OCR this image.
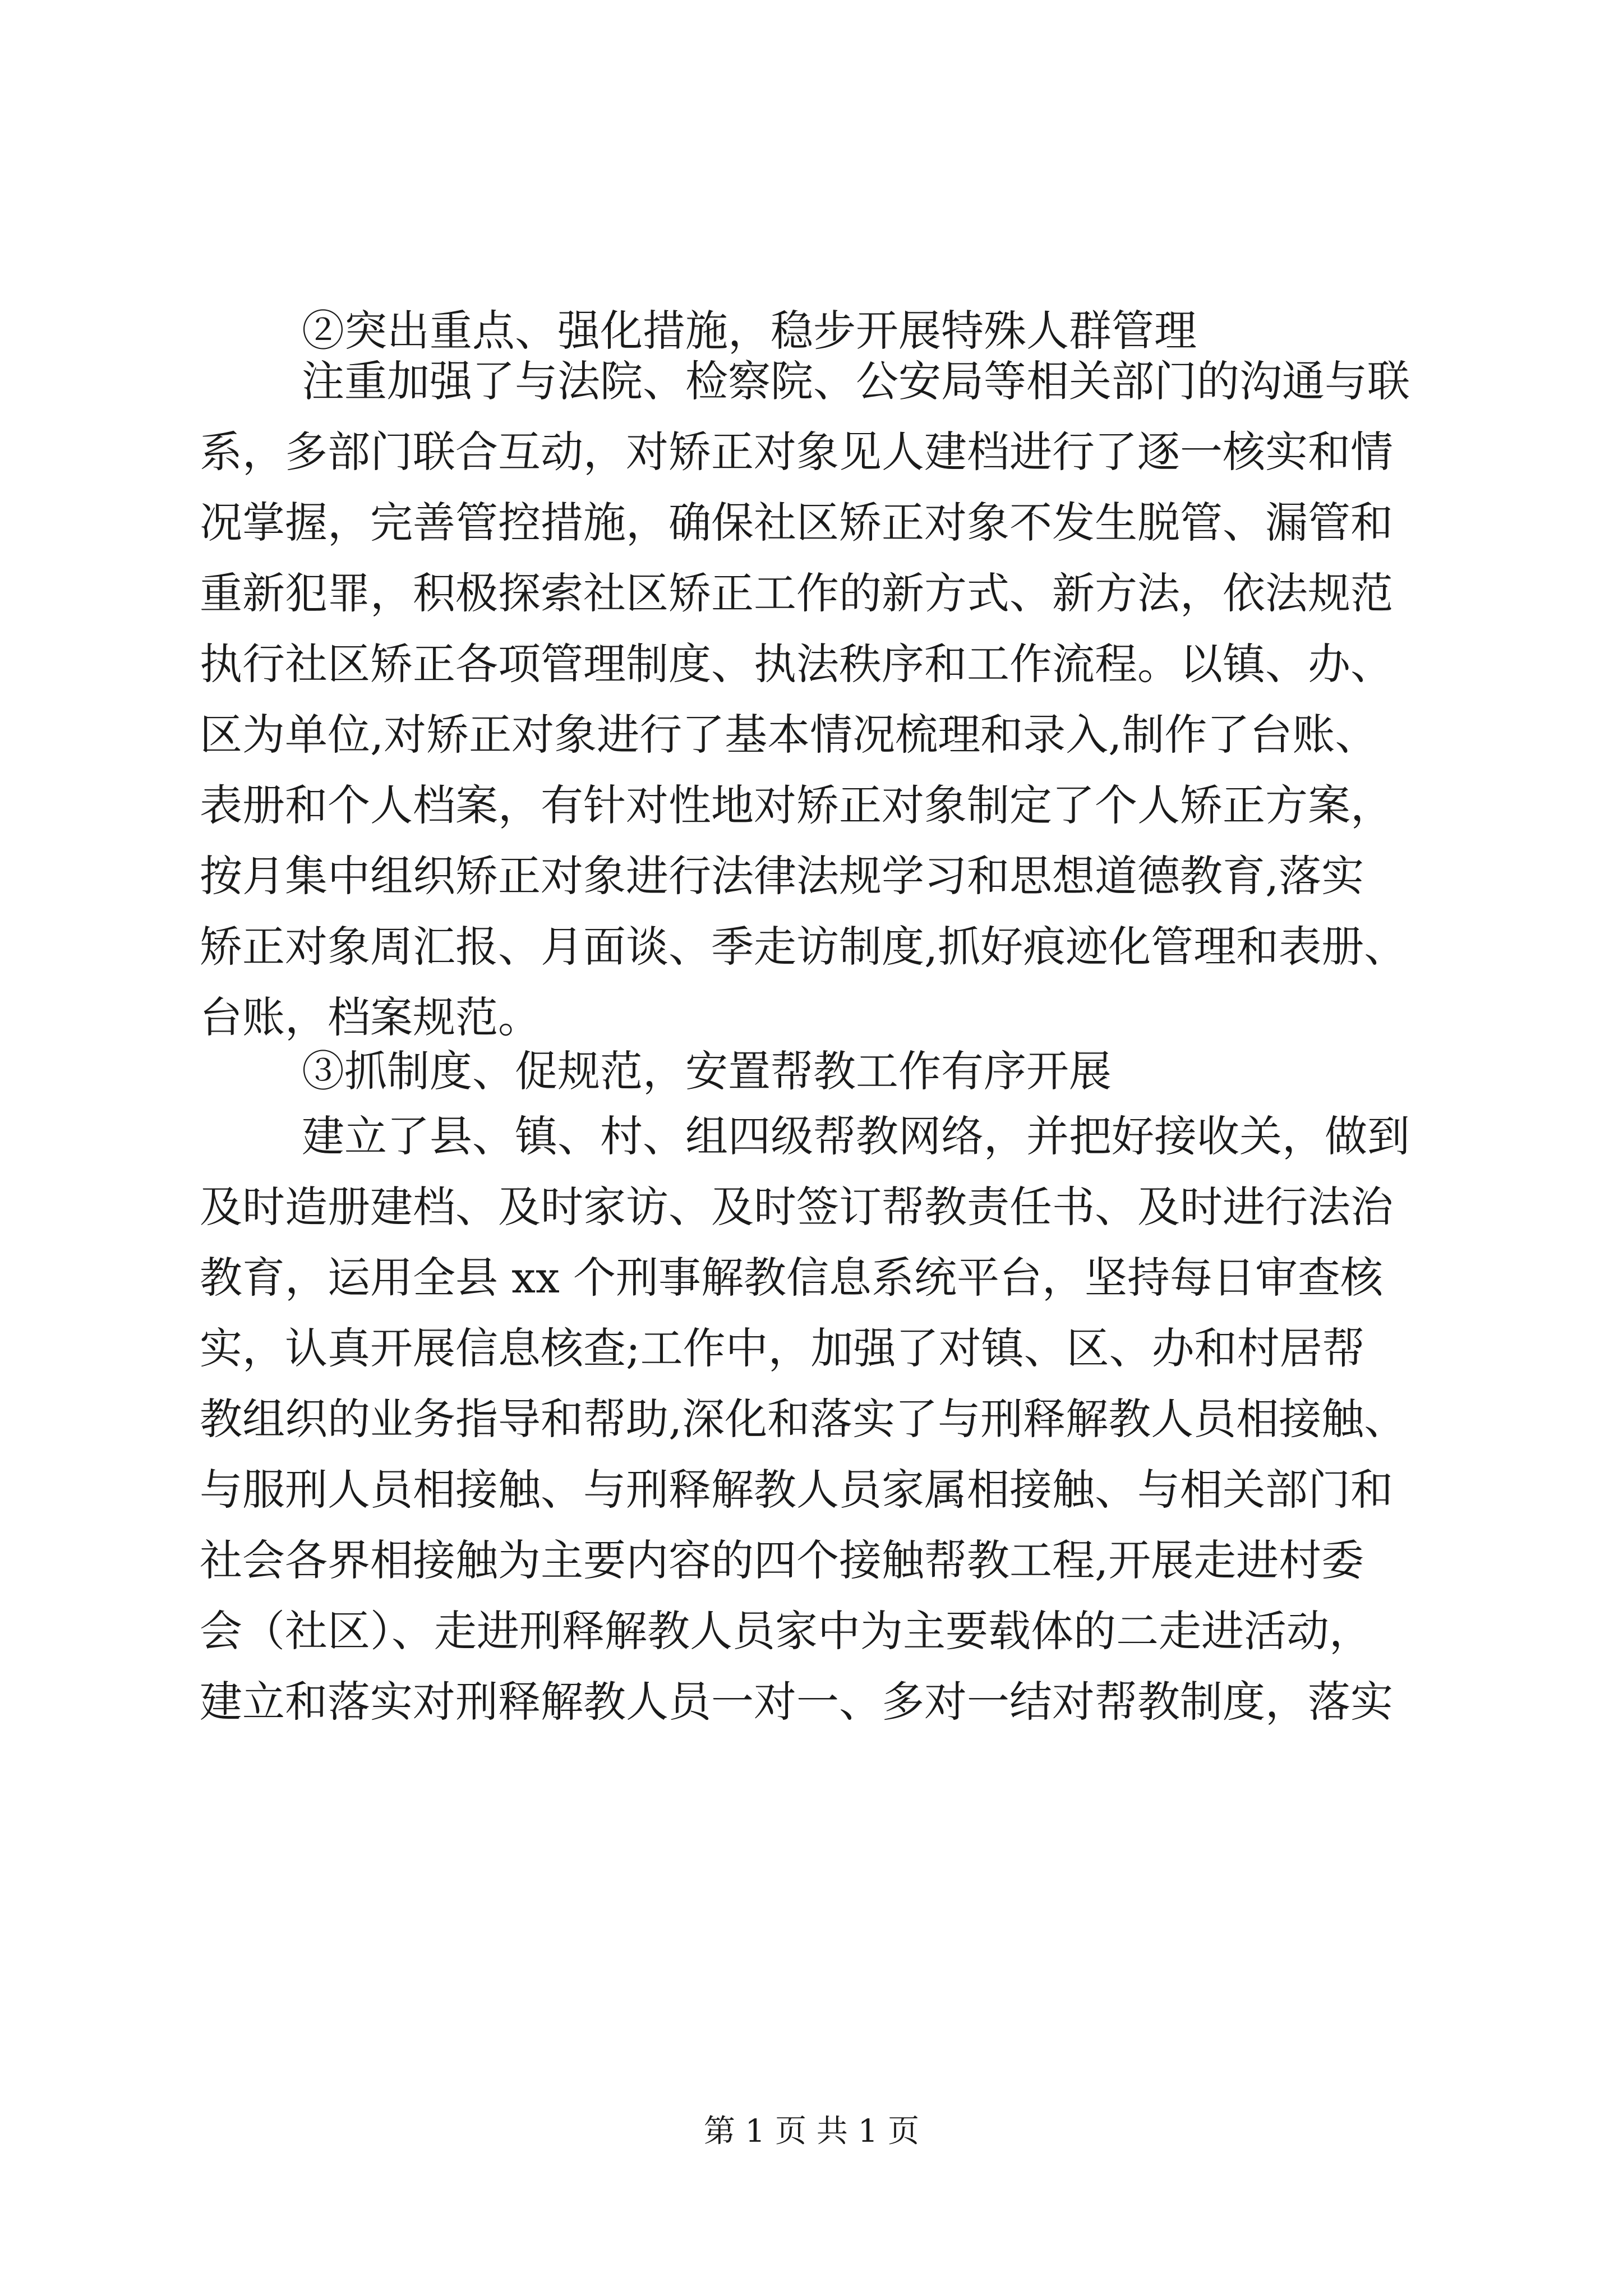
②突出重点、强化措施，稳步开展特殊人群管理
注重加强了与法院、检察院、公安局等相关部门的沟通与联
系，多部门联合互动，对矫正对象见人建档进行了逐一核实和情
况掌握，完善管控措施，确保社区矫正对象不发生脱管、漏管和
重新犯罪，积极探索社区矫正工作的新方式、新方法，依法规范
执行社区矫正各项管理制度、执法秩序和工作流程。以镇、办、
区为单位,对矫正对象进行了基本情况梳理和录入,制作了台账、
表册和个人档案，有针对性地对矫正对象制定了个人矫正方案，
按月集中组织矫正对象进行法律法规学习和思想道德教育,落实
矫正对象周汇报、月面谈、季走访制度,抓好痕迹化管理和表册、
台账，档案规范。
③抓制度、促规范，安置帮教工作有序开展
建立了县、镇、村、组四级帮教网络，并把好接收关，做到
及时造册建档、及时家访、及时签订帮教责任书、及时进行法治
教育，运用全县 xx 个刑事解教信息系统平台，坚持每日审查核
实，认真开展信息核查;工作中，加强了对镇、区、办和村居帮
教组织的业务指导和帮助,深化和落实了与刑释解教人员相接触、
与服刑人员相接触、与刑释解教人员家属相接触、与相关部门和
社会各界相接触为主要内容的四个接触帮教工程,开展走进村委
会（社区）、走进刑释解教人员家中为主要载体的二走进活动，
建立和落实对刑释解教人员一对一、多对一结对帮教制度，落实
第 1 页 共 1 页
